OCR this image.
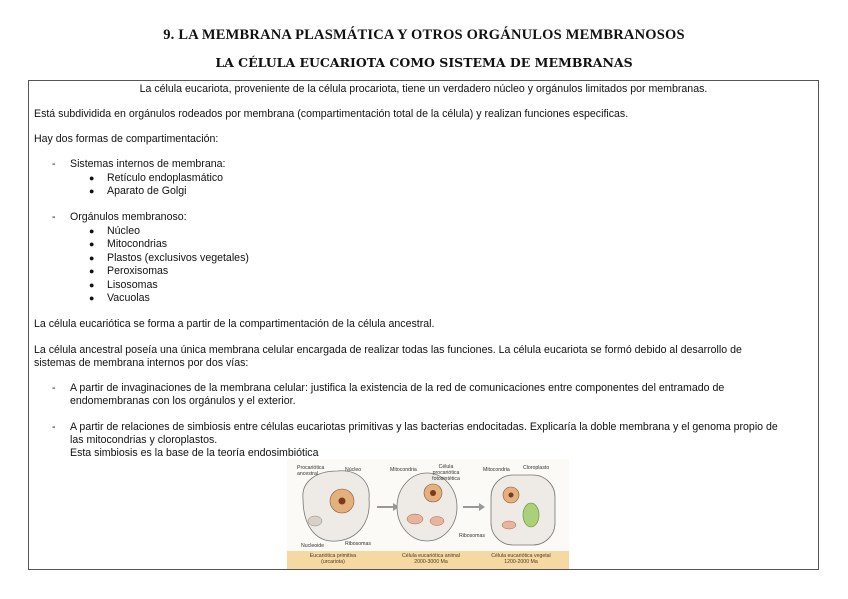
9. LA MEMBRANA PLASMÁTICA Y OTROS ORGÁNULOS MEMBRANOSOS
LA CÉLULA EUCARIOTA COMO SISTEMA DE MEMBRANAS
La célula eucariota, proveniente de la célula procariota, tiene un verdadero núcleo y orgánulos limitados por membranas.
Está subdividida en orgánulos rodeados por membrana (compartimentación total de la célula) y realizan funciones especificas.
Hay dos formas de compartimentación:
- Sistemas internos de membrana:
● Retículo endoplasmático
● Aparato de Golgi
- Orgánulos membranoso:
● Núcleo
● Mitocondrias
● Plastos (exclusivos vegetales)
● Peroxisomas
● Lisosomas
● Vacuolas
La célula eucariótica se forma a partir de la compartimentación de la célula ancestral.
La célula ancestral poseía una única membrana celular encargada de realizar todas las funciones. La célula eucariota se formó debido al desarrollo de
sistemas de membrana internos por dos vías:
- A partir de invaginaciones de la membrana celular: justifica la existencia de la red de comunicaciones entre componentes del entramado de
endomembranas con los orgánulos y el exterior.
- A partir de relaciones de simbiosis entre células eucariotas primitivas y las bacterias endocitadas. Explicaría la doble membrana y el genoma propio de
las mitocondrias y cloroplastos.
Esta simbiosis es la base de la teoría endosimbiótica
Procariótica ancestral
Núcleo	Mitocondria	Célula procariótica fotosintética
Mitocondria	Cloroplasto
Nucleoide	Ribosomas
Ribosomas
Eucariótica primitiva
(urcariota)
Célula eucariótica animal
2000-3000 Ma
Célula eucariótica vegetal
1200-2000 Ma
